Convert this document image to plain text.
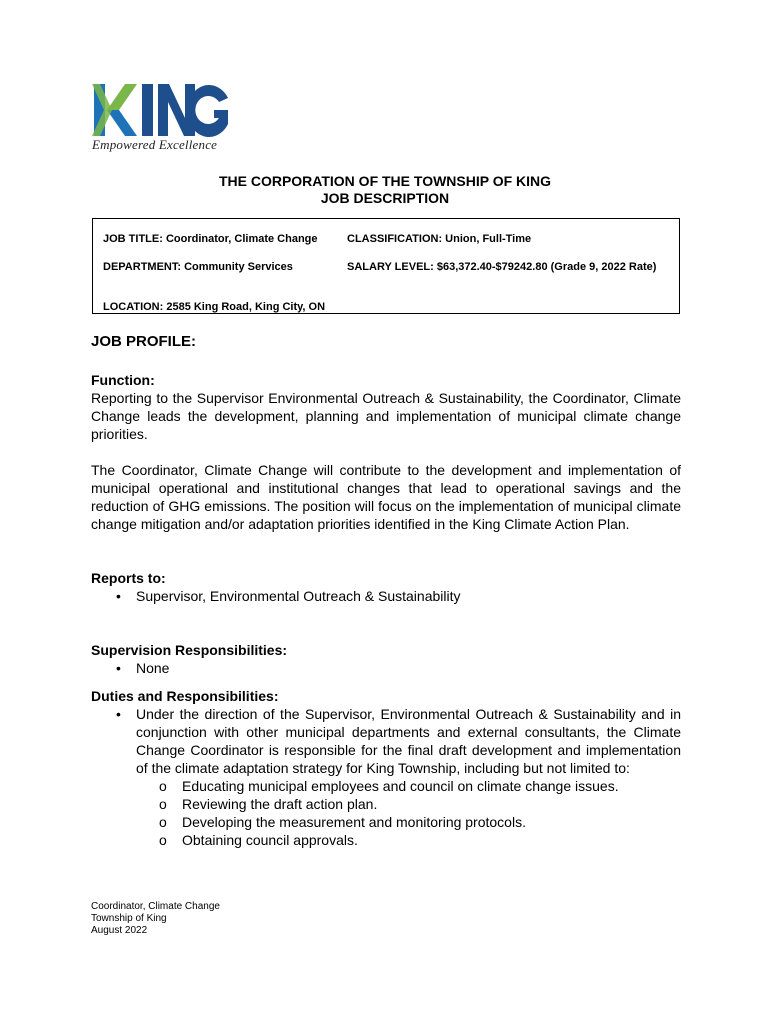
Empowered Excellence
THE CORPORATION OF THE TOWNSHIP OF KING
JOB DESCRIPTION
JOB TITLE: Coordinator, Climate Change	CLASSIFICATION: Union, Full-Time
DEPARTMENT: Community Services	SALARY LEVEL: $63,372.40-$79242.80 (Grade 9, 2022 Rate)
LOCATION: 2585 King Road, King City, ON
JOB PROFILE:
Function:

Reporting to the Supervisor Environmental Outreach & Sustainability, the Coordinator, Climate Change leads the development, planning and implementation of municipal climate change priorities.

The Coordinator, Climate Change will contribute to the development and implementation of municipal operational and institutional changes that lead to operational savings and the reduction of GHG emissions. The position will focus on the implementation of municipal climate change mitigation and/or adaptation priorities identified in the King Climate Action Plan.

Reports to:
• Supervisor, Environmental Outreach & Sustainability
Supervision Responsibilities:
• None
Duties and Responsibilities:
• Under the direction of the Supervisor, Environmental Outreach & Sustainability and in conjunction with other municipal departments and external consultants, the Climate Change Coordinator is responsible for the final draft development and implementation of the climate adaptation strategy for King Township, including but not limited to:
o Educating municipal employees and council on climate change issues.
o Reviewing the draft action plan.
o Developing the measurement and monitoring protocols.
o Obtaining council approvals.
Coordinator, Climate Change
Township of King
August 2022
